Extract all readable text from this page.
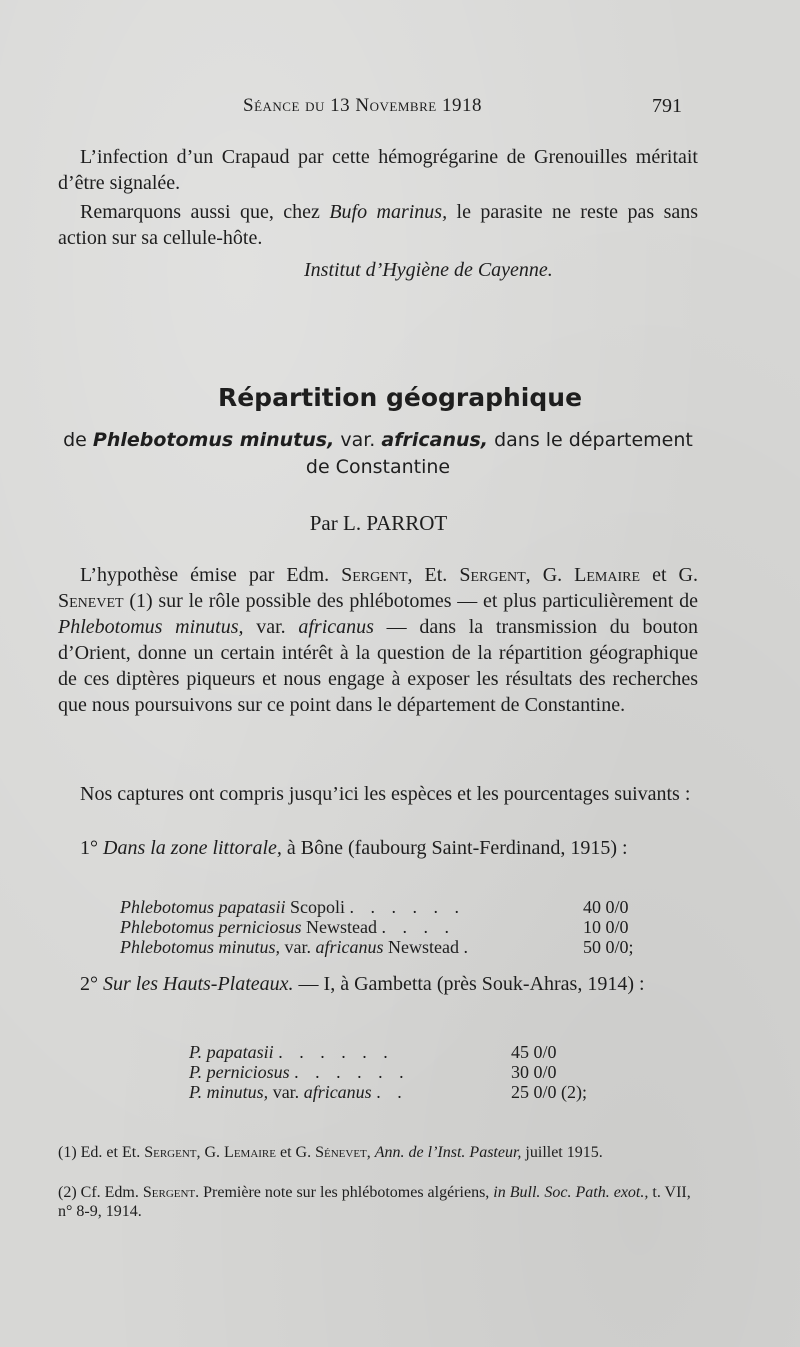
Séance du 13 Novembre 1918	791
L’infection d’un Crapaud par cette hémogrégarine de Grenouilles méritait d’être signalée.
Remarquons aussi que, chez Bufo marinus, le parasite ne reste pas sans action sur sa cellule-hôte.
Institut d’Hygiène de Cayenne.
Répartition géographique
de Phlebotomus minutus, var. africanus, dans le département de Constantine
Par L. PARROT
L’hypothèse émise par Edm. Sergent, Et. Sergent, G. Lemaire et G. Senevet (1) sur le rôle possible des phlébotomes — et plus particulièrement de Phlebotomus minutus, var. africanus — dans la transmission du bouton d’Orient, donne un certain intérêt à la question de la répartition géographique de ces diptères piqueurs et nous engage à exposer les résultats des recherches que nous poursuivons sur ce point dans le département de Constantine.
Nos captures ont compris jusqu’ici les espèces et les pourcentages suivants :
1° Dans la zone littorale, à Bône (faubourg Saint-Ferdinand, 1915) :
Phlebotomus papatasii Scopoli . . . . . .	40 0/0
Phlebotomus perniciosus Newstead . . . .	10 0/0
Phlebotomus minutus, var. africanus Newstead .	50 0/0;
2° Sur les Hauts-Plateaux. — I, à Gambetta (près Souk-Ahras, 1914) :
P. papatasii . . . . . .	45 0/0
P. perniciosus . . . . . .	30 0/0
P. minutus, var. africanus . .	25 0/0 (2);
(1) Ed. et Et. Sergent, G. Lemaire et G. Sénevet, Ann. de l’Inst. Pasteur, juillet 1915.
(2) Cf. Edm. Sergent. Première note sur les phlébotomes algériens, in Bull. Soc. Path. exot., t. VII, n° 8-9, 1914.
